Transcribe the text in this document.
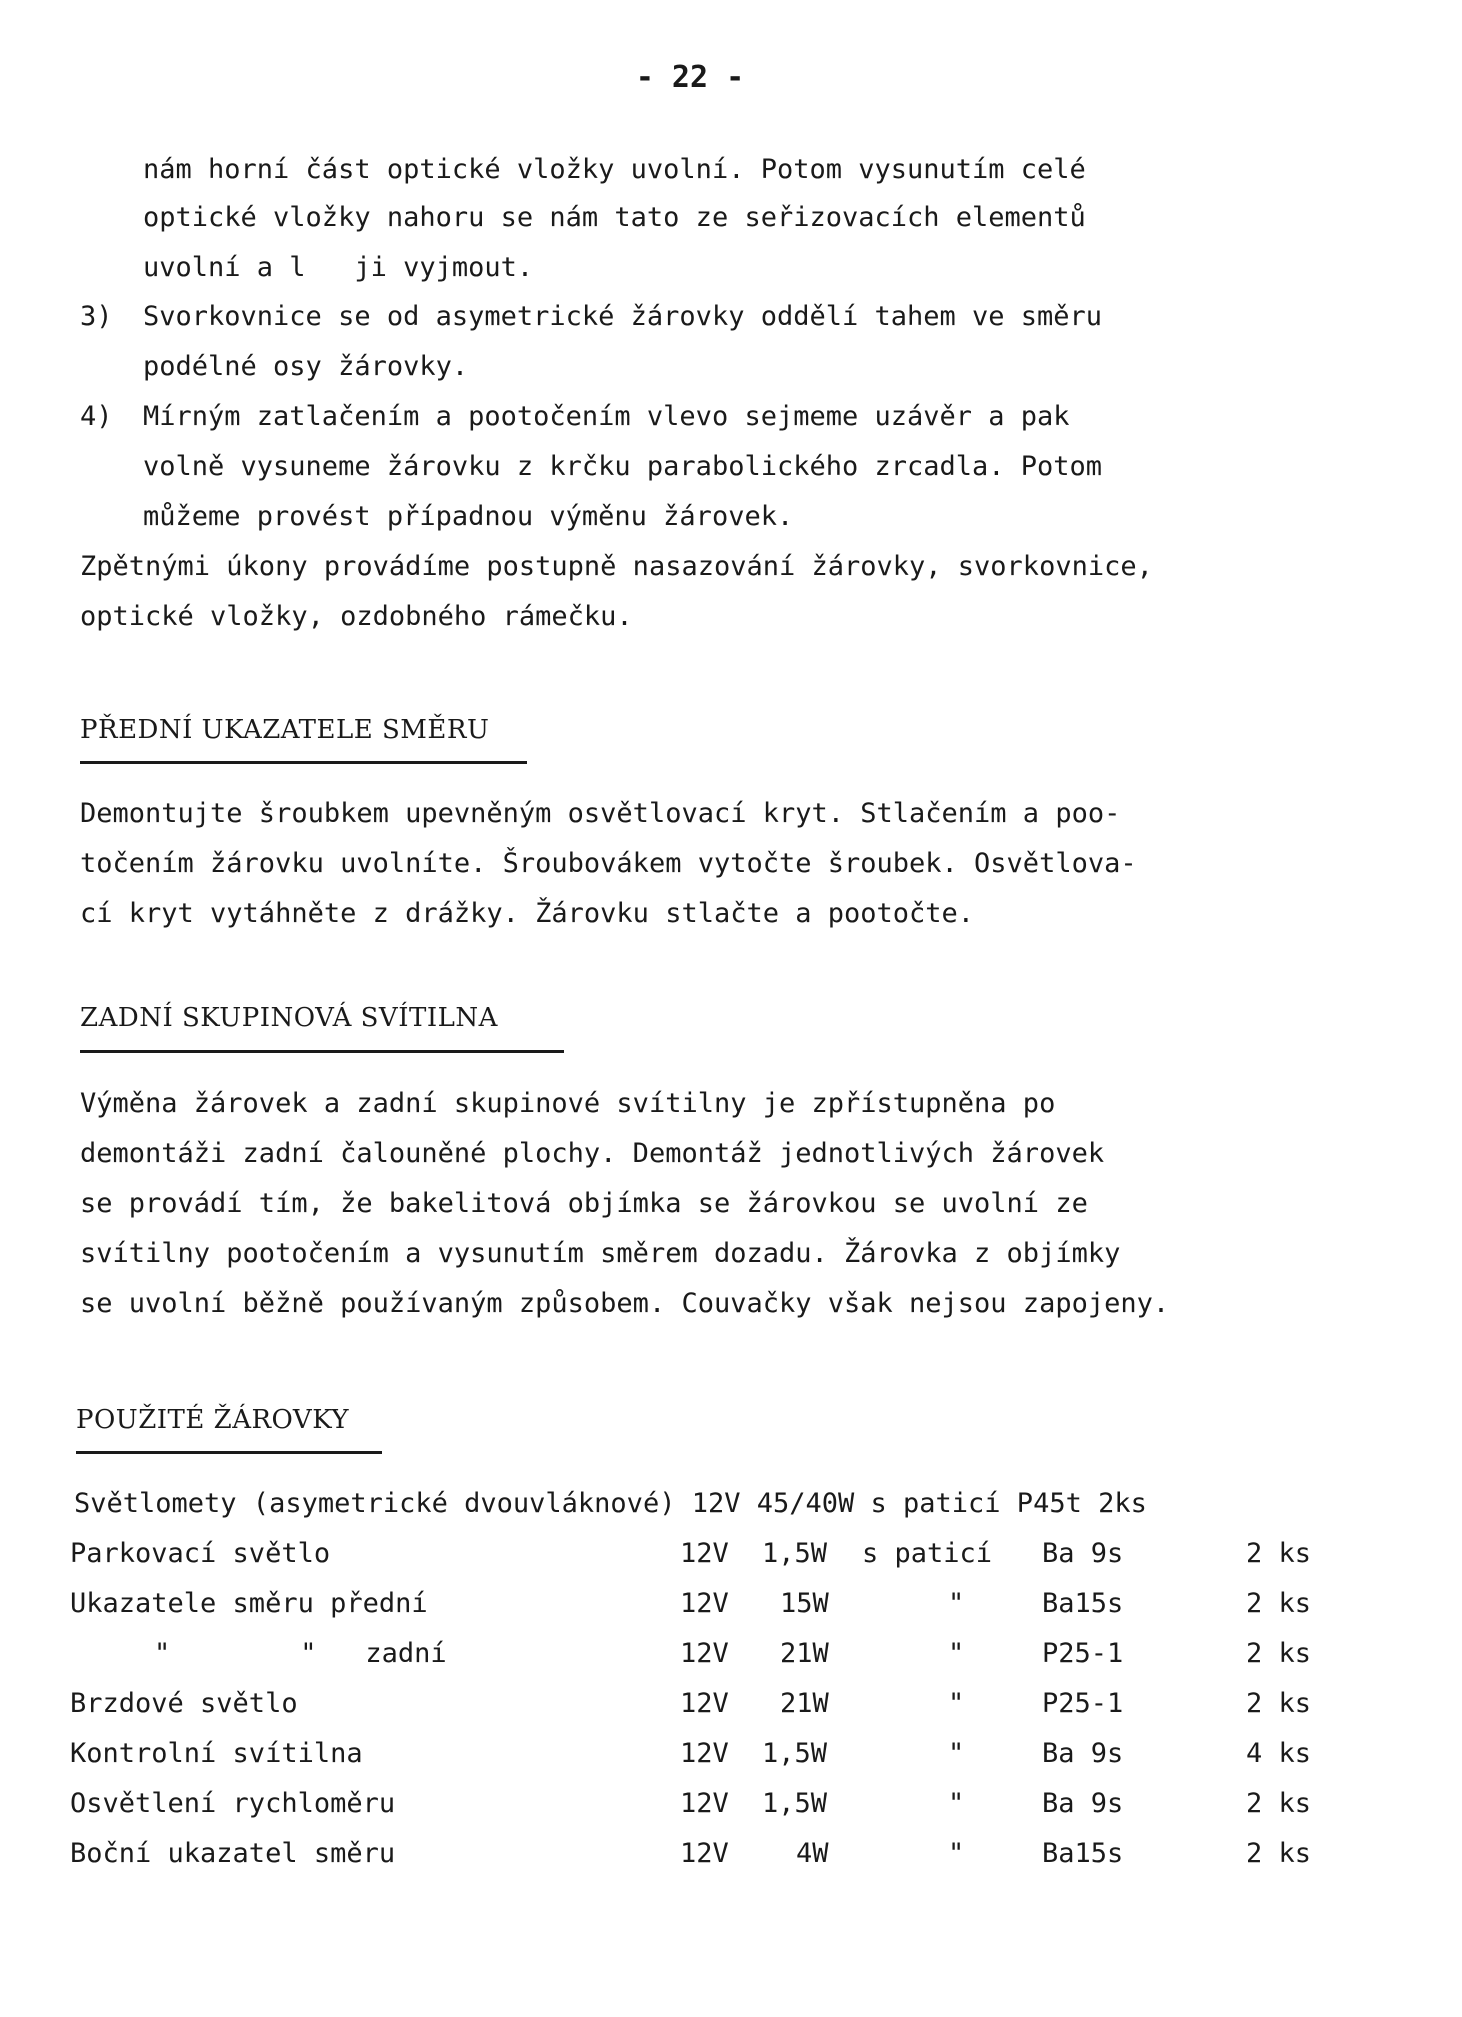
- 22 -
nám horní část optické vložky uvolní. Potom vysunutím celé
optické vložky nahoru se nám tato ze seřizovacích elementů
uvolní a l   ji vyjmout.
3) Svorkovnice se od asymetrické žárovky oddělí tahem ve směru
podélné osy žárovky.
4) Mírným zatlačením a pootočením vlevo sejmeme uzávěr a pak
volně vysuneme žárovku z krčku parabolického zrcadla. Potom
můžeme provést případnou výměnu žárovek.
Zpětnými úkony provádíme postupně nasazování žárovky, svorkovnice,
optické vložky, ozdobného rámečku.
PŘEDNÍ UKAZATELE SMĚRU
Demontujte šroubkem upevněným osvětlovací kryt. Stlačením a poo-
točením žárovku uvolníte. Šroubovákem vytočte šroubek. Osvětlova-
cí kryt vytáhněte z drážky. Žárovku stlačte a pootočte.
ZADNÍ SKUPINOVÁ SVÍTILNA
Výměna žárovek a zadní skupinové svítilny je zpřístupněna po
demontáži zadní čalouněné plochy. Demontáž jednotlivých žárovek
se provádí tím, že bakelitová objímka se žárovkou se uvolní ze
svítilny pootočením a vysunutím směrem dozadu. Žárovka z objímky
se uvolní běžně používaným způsobem. Couvačky však nejsou zapojeny.
POUŽITÉ ŽÁROVKY
Světlomety (asymetrické dvouvláknové) 12V 45/40W s paticí P45t 2ks
Parkovací světlo	12V 1,5W s paticí Ba 9s	2 ks
Ukazatele směru přední	12V 15W	"	Ba15s	2 ks
"        "   zadní	12V 21W	"	P25-1	2 ks
Brzdové světlo	12V 21W	"	P25-1	2 ks
Kontrolní svítilna	12V 1,5W	"	Ba 9s	4 ks
Osvětlení rychloměru	12V 1,5W	"	Ba 9s	2 ks
Boční ukazatel směru	12V 4W	"	Ba15s	2 ks
